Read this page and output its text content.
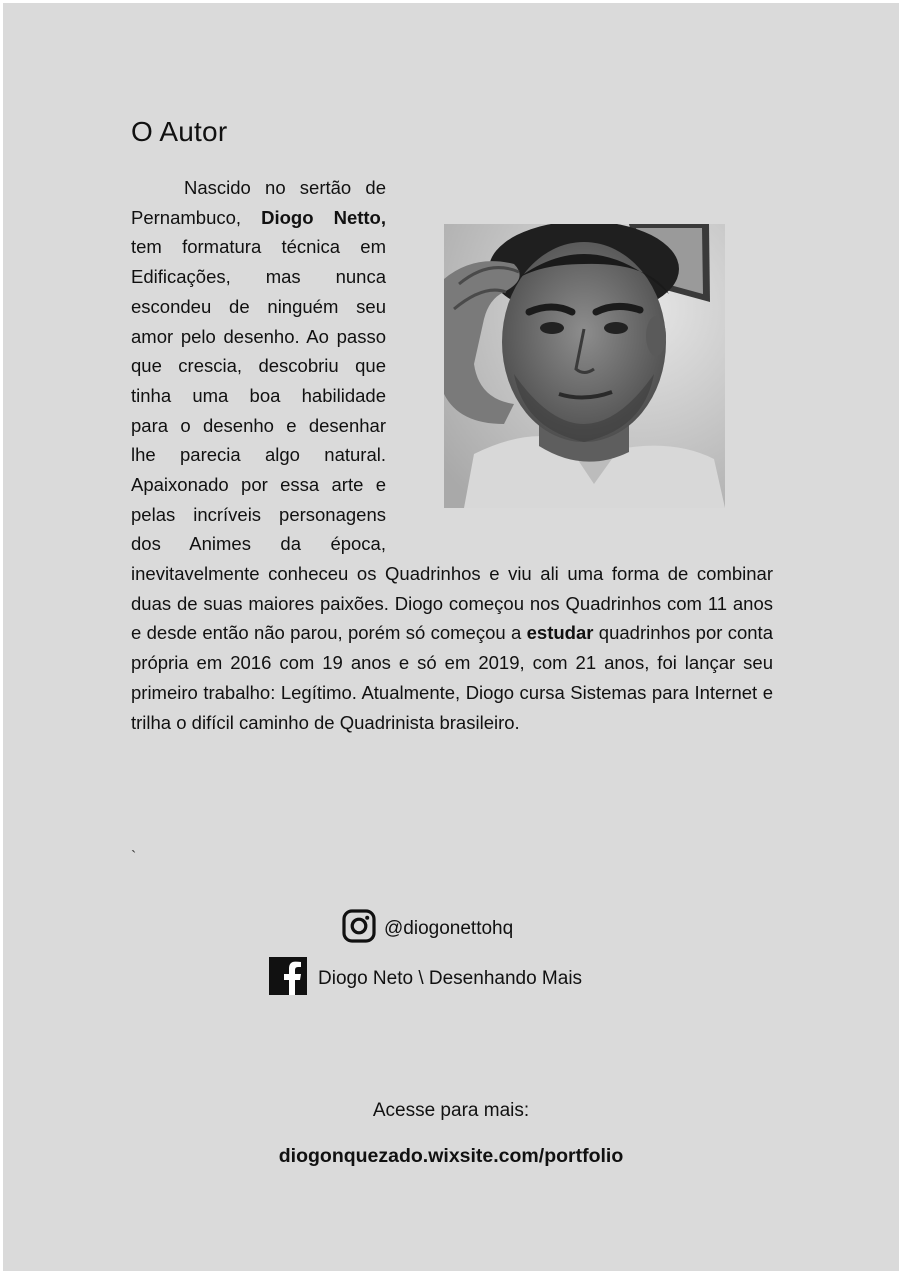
O Autor

Nascido no sertão de

Pernambuco, Diogo Netto,

tem formatura técnica em

Edificações, mas nunca

escondeu de ninguém seu

amor pelo desenho. Ao passo

que crescia, descobriu que

tinha uma boa habilidade

para o desenho e desenhar

lhe parecia algo natural.

Apaixonado por essa arte e

pelas incríveis personagens

dos Animes da época,

inevitavelmente conheceu os Quadrinhos e viu ali uma forma de combinar duas de suas maiores paixões. Diogo começou nos Quadrinhos com 11 anos e desde então não parou, porém só começou a estudar quadrinhos por conta própria em 2016 com 19 anos e só em 2019, com 21 anos, foi lançar seu primeiro trabalho: Legítimo. Atualmente, Diogo cursa Sistemas para Internet e trilha o difícil caminho de Quadrinista brasileiro.

`
@diogonettohq
Diogo Neto \ Desenhando Mais
Acesse para mais:
diogonquezado.wixsite.com/portfolio
